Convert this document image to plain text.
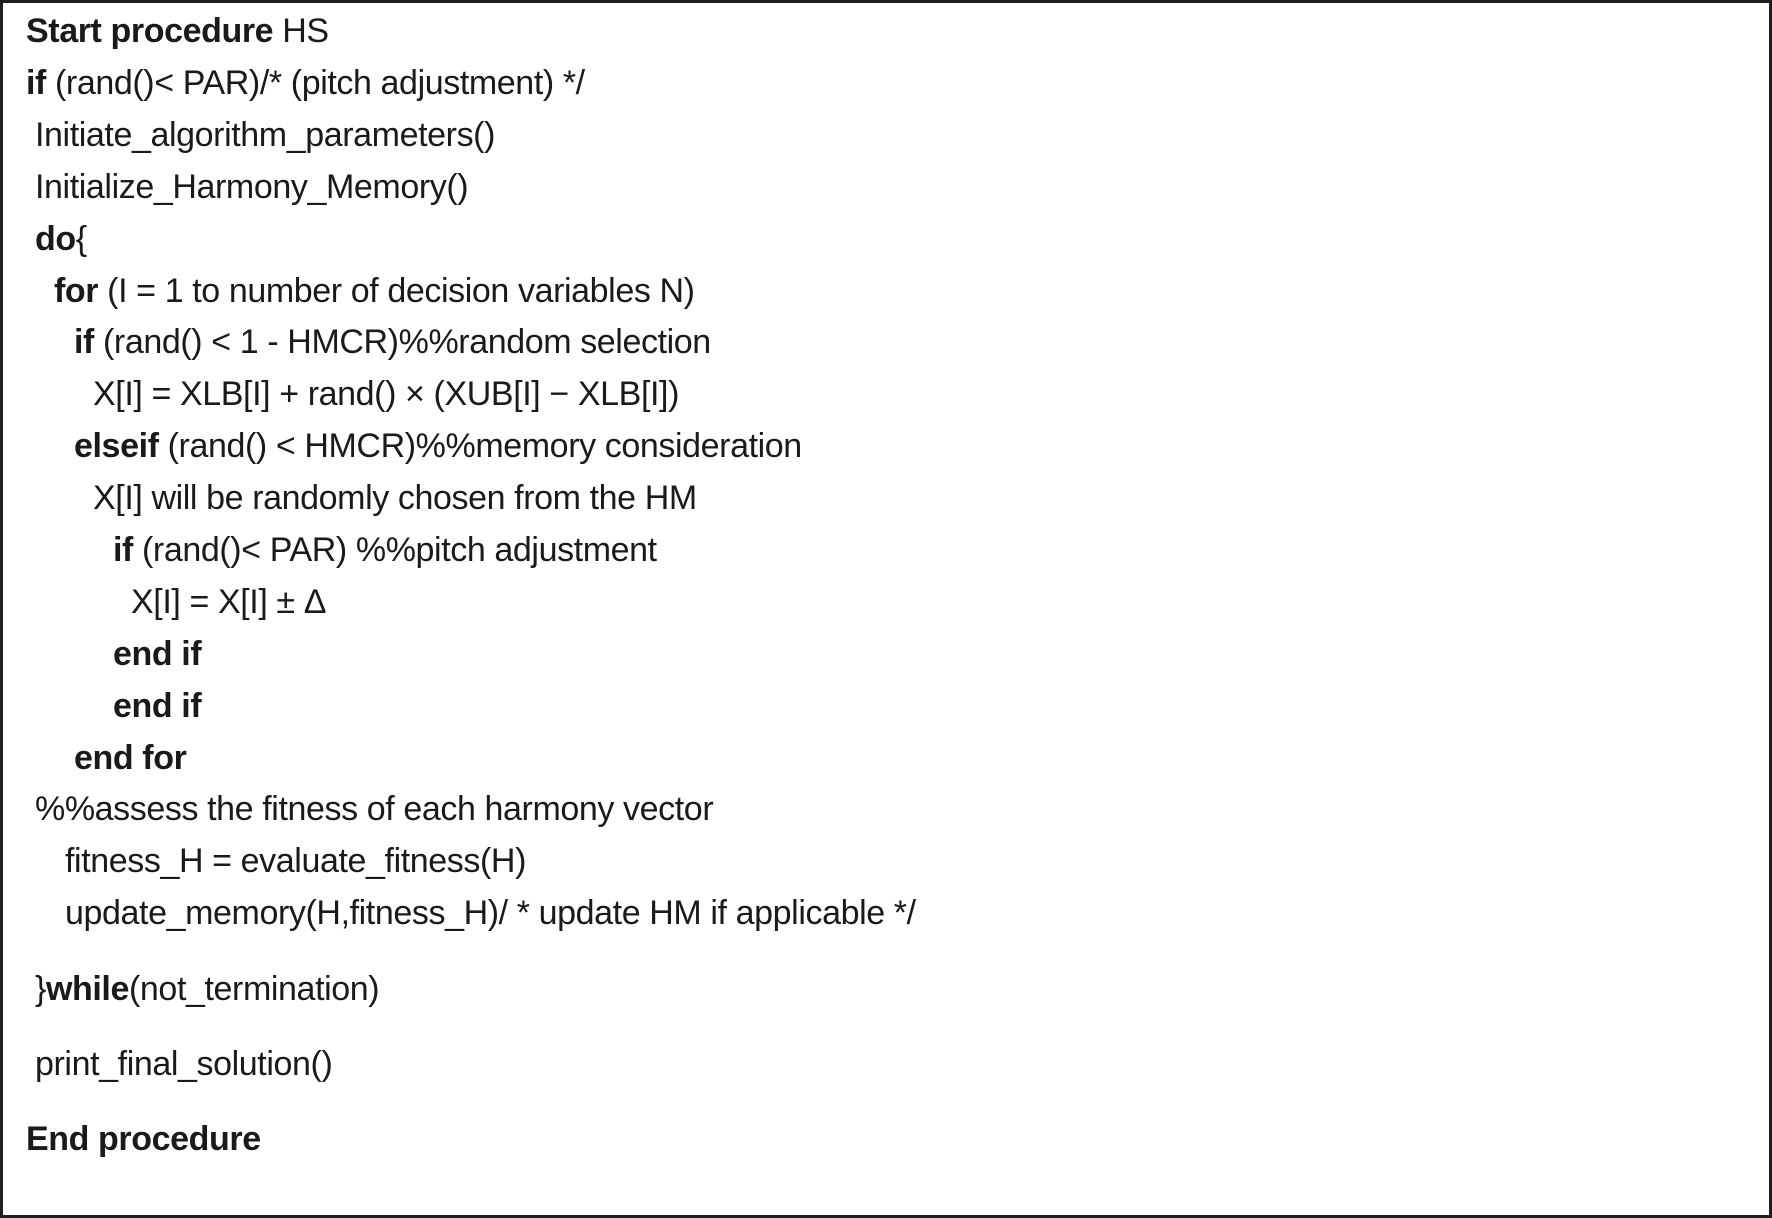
Start procedure HS
if (rand()< PAR)/* (pitch adjustment) */
Initiate_algorithm_parameters()
Initialize_Harmony_Memory()
do{
for (I = 1 to number of decision variables N)
if (rand() < 1 - HMCR)%%random selection
X[I] = XLB[I] + rand() × (XUB[I] − XLB[I])
elseif (rand() < HMCR)%%memory consideration
X[I] will be randomly chosen from the HM
if (rand()< PAR) %%pitch adjustment
X[I] = X[I] ± Δ
end if
end if
end for
%%assess the fitness of each harmony vector
fitness_H = evaluate_fitness(H)
update_memory(H,fitness_H)/ * update HM if applicable */
}while(not_termination)
print_final_solution()
End procedure
